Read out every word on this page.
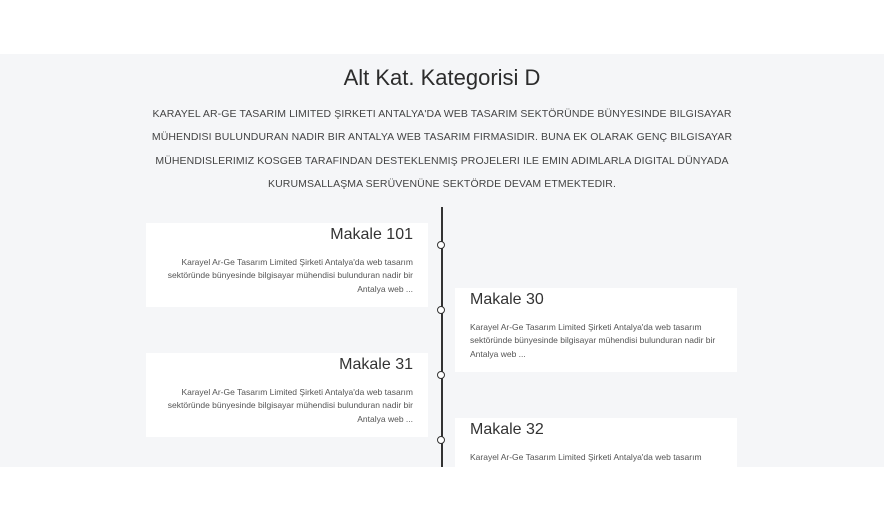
Alt Kat. Kategorisi D

KARAYEL AR-GE TASARIM LIMITED ŞIRKETI ANTALYA'DA WEB TASARIM SEKTÖRÜNDE BÜNYESINDE BILGISAYAR MÜHENDISI BULUNDURAN NADIR BIR ANTALYA WEB TASARIM FIRMASIDIR. BUNA EK OLARAK GENÇ BILGISAYAR MÜHENDISLERIMIZ KOSGEB TARAFINDAN DESTEKLENMIŞ PROJELERI ILE EMIN ADIMLARLA DIGITAL DÜNYADA KURUMSALLAŞMA SERÜVENÜNE SEKTÖRDE DEVAM ETMEKTEDIR.

Makale 101
Karayel Ar-Ge Tasarım Limited Şirketi Antalya'da web tasarım sektöründe bünyesinde bilgisayar mühendisi bulunduran nadir bir Antalya web ...
Makale 30
Karayel Ar-Ge Tasarım Limited Şirketi Antalya'da web tasarım sektöründe bünyesinde bilgisayar mühendisi bulunduran nadir bir Antalya web ...
Makale 31
Karayel Ar-Ge Tasarım Limited Şirketi Antalya'da web tasarım sektöründe bünyesinde bilgisayar mühendisi bulunduran nadir bir Antalya web ...
Makale 32
Karayel Ar-Ge Tasarım Limited Şirketi Antalya'da web tasarım
